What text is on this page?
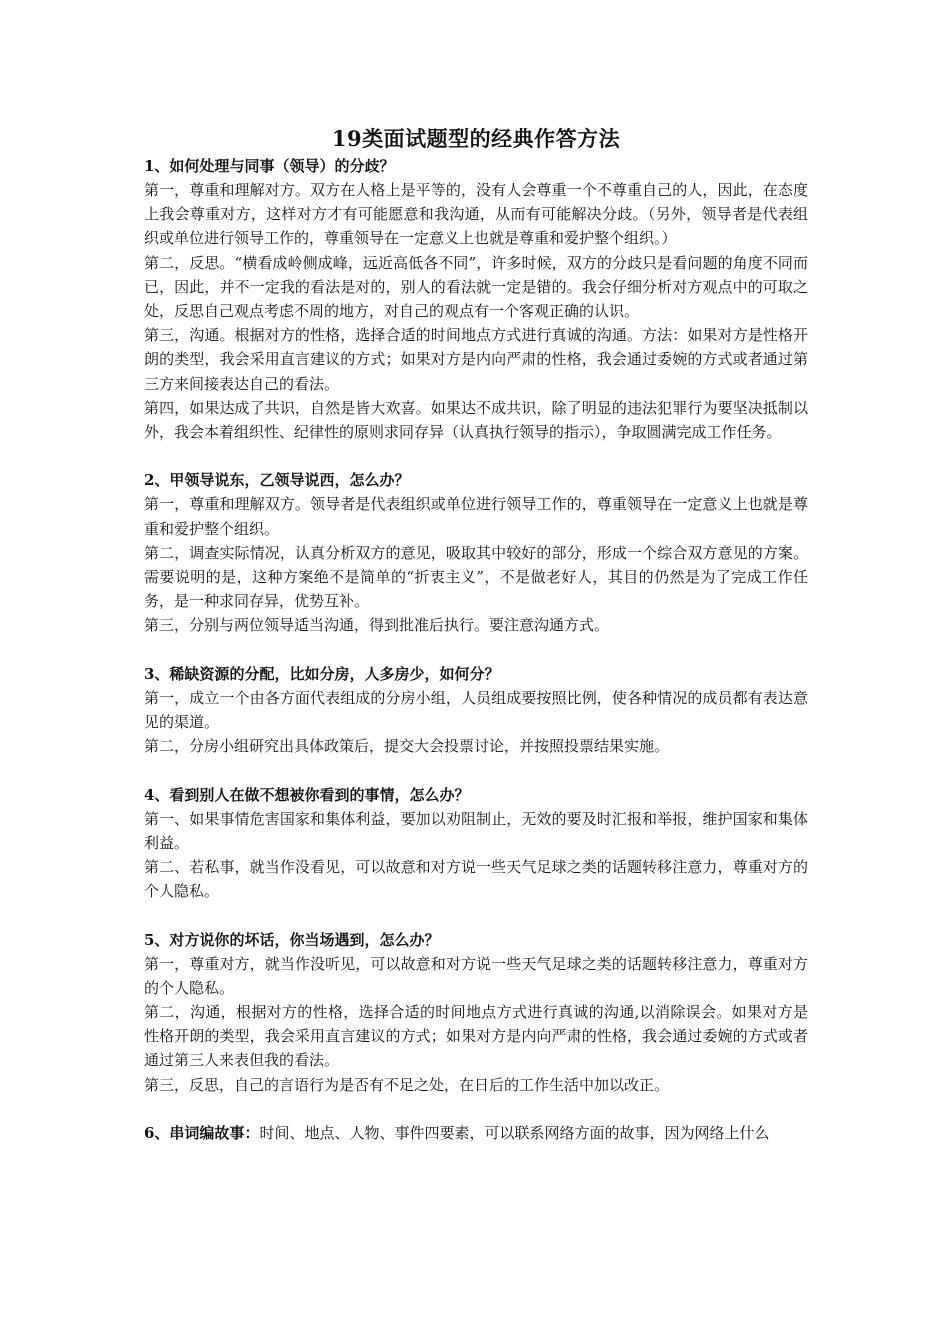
19类面试题型的经典作答方法
1、如何处理与同事（领导）的分歧？
第一，尊重和理解对方。双方在人格上是平等的，没有人会尊重一个不尊重自己的人，因此，在态度上我会尊重对方，这样对方才有可能愿意和我沟通，从而有可能解决分歧。（另外，领导者是代表组织或单位进行领导工作的，尊重领导在一定意义上也就是尊重和爱护整个组织。）
第二，反思。“横看成岭侧成峰，远近高低各不同”，许多时候，双方的分歧只是看问题的角度不同而已，因此，并不一定我的看法是对的，别人的看法就一定是错的。我会仔细分析对方观点中的可取之处，反思自己观点考虑不周的地方，对自己的观点有一个客观正确的认识。
第三，沟通。根据对方的性格，选择合适的时间地点方式进行真诚的沟通。方法：如果对方是性格开朗的类型，我会采用直言建议的方式；如果对方是内向严肃的性格，我会通过委婉的方式或者通过第三方来间接表达自己的看法。
第四，如果达成了共识，自然是皆大欢喜。如果达不成共识，除了明显的违法犯罪行为要坚决抵制以外，我会本着组织性、纪律性的原则求同存异（认真执行领导的指示），争取圆满完成工作任务。
2、甲领导说东，乙领导说西，怎么办？
第一，尊重和理解双方。领导者是代表组织或单位进行领导工作的，尊重领导在一定意义上也就是尊重和爱护整个组织。
第二，调查实际情况，认真分析双方的意见，吸取其中较好的部分，形成一个综合双方意见的方案。需要说明的是，这种方案绝不是简单的“折衷主义”，不是做老好人，其目的仍然是为了完成工作任务，是一种求同存异，优势互补。
第三，分别与两位领导适当沟通，得到批准后执行。要注意沟通方式。
3、稀缺资源的分配，比如分房，人多房少，如何分？
第一，成立一个由各方面代表组成的分房小组，人员组成要按照比例，使各种情况的成员都有表达意见的渠道。
第二，分房小组研究出具体政策后，提交大会投票讨论，并按照投票结果实施。
4、看到别人在做不想被你看到的事情，怎么办？
第一、如果事情危害国家和集体利益，要加以劝阻制止，无效的要及时汇报和举报，维护国家和集体利益。
第二、若私事，就当作没看见，可以故意和对方说一些天气足球之类的话题转移注意力，尊重对方的个人隐私。
5、对方说你的坏话，你当场遇到，怎么办？
第一，尊重对方，就当作没听见，可以故意和对方说一些天气足球之类的话题转移注意力，尊重对方的个人隐私。
第二，沟通，根据对方的性格，选择合适的时间地点方式进行真诚的沟通,以消除误会。如果对方是性格开朗的类型，我会采用直言建议的方式；如果对方是内向严肃的性格，我会通过委婉的方式或者通过第三人来表但我的看法。
第三，反思，自己的言语行为是否有不足之处，在日后的工作生活中加以改正。
6、串词编故事：时间、地点、人物、事件四要素，可以联系网络方面的故事，因为网络上什么
